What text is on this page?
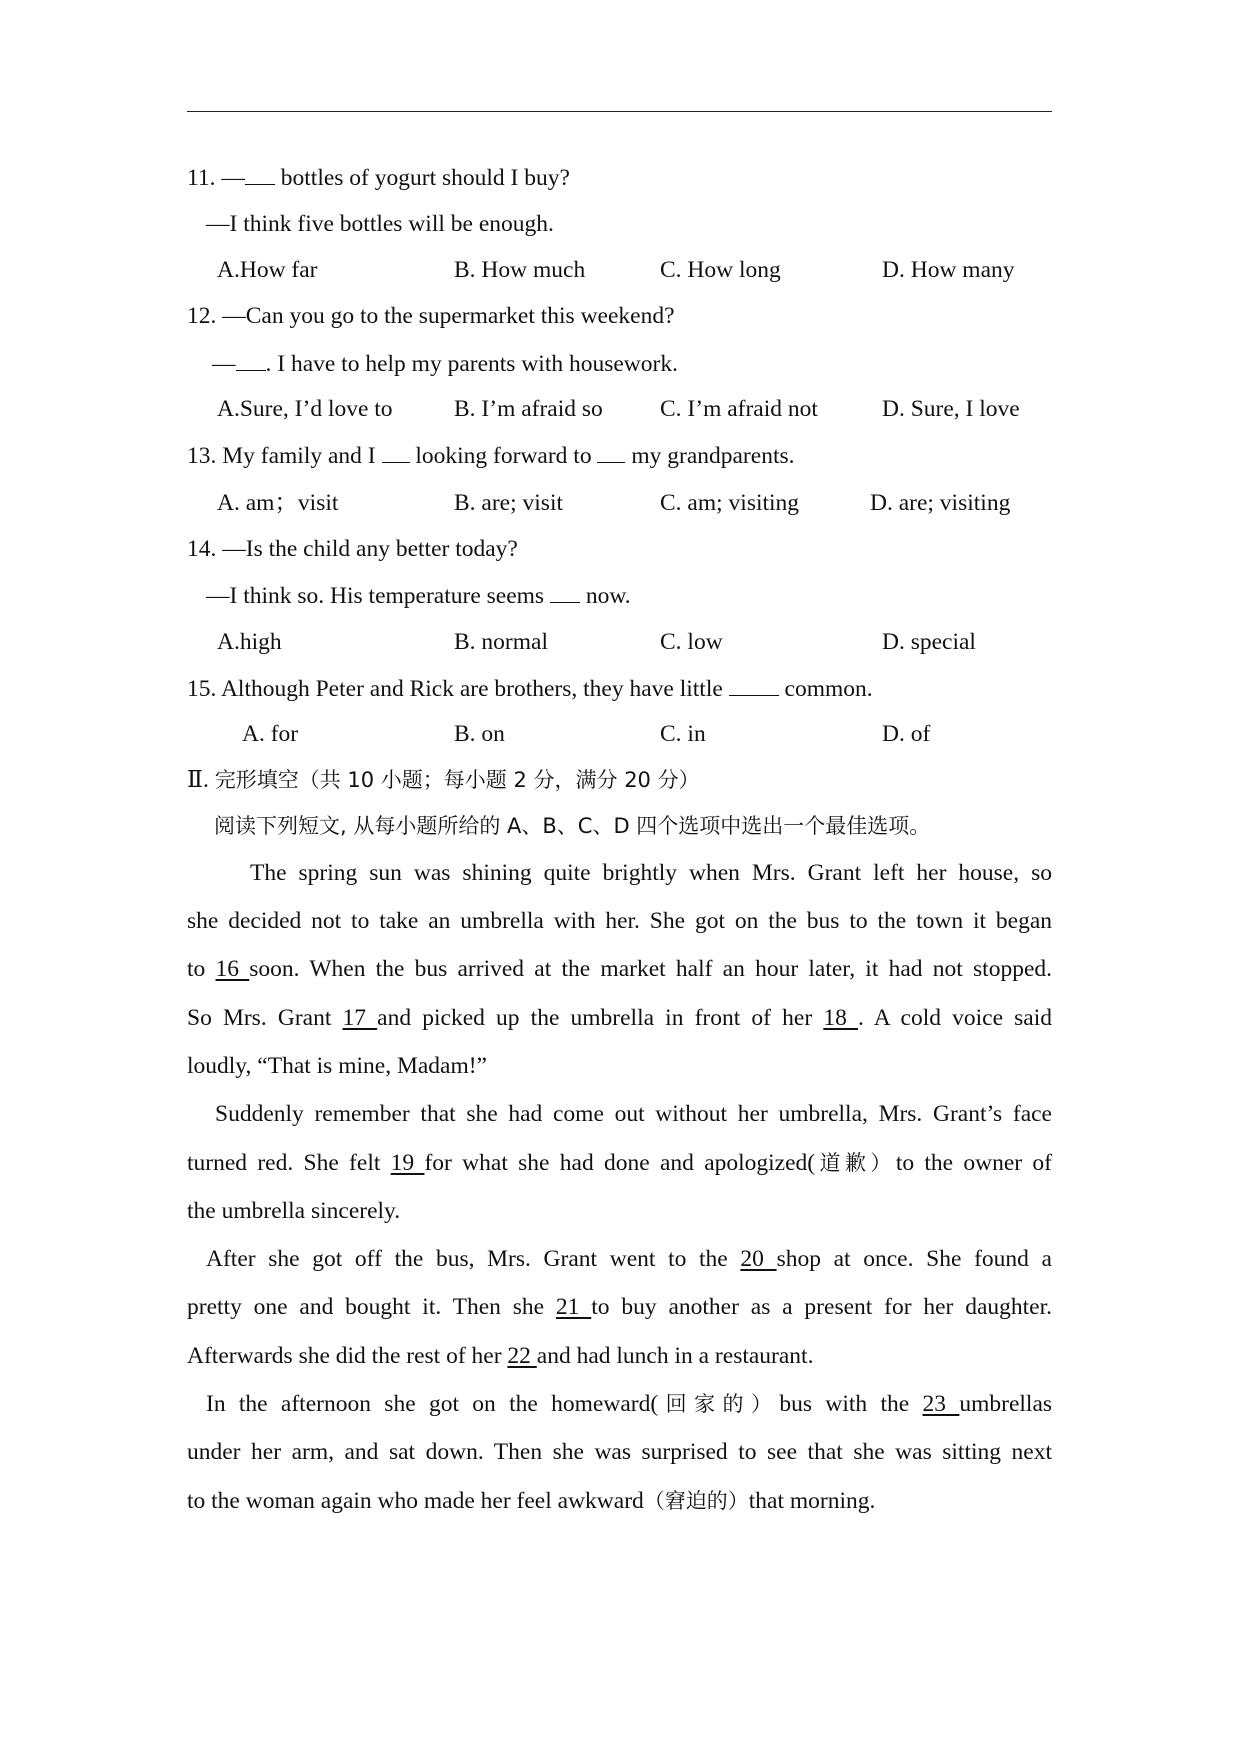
11. — bottles of yogurt should I buy?
—I think five bottles will be enough.
A.How far	B. How much	C. How long	D. How many
12. —Can you go to the supermarket this weekend?
— . I have to help my parents with housework.
A.Sure, I’d love to	B. I’m afraid so C. I’m afraid not	D. Sure, I love
13. My family and I  looking forward to  my grandparents.
A. am；visit	B. are; visit	C. am; visiting	D. are; visiting
14. —Is the child any better today?
—I think so. His temperature seems  now.
A.high	B. normal	C. low	D. special
15. Although Peter and Rick are brothers, they have little  common.
A. for	B. on	C. in	D. of
Ⅱ. 完形填空（共 10 小题；每小题 2 分，满分 20 分）
阅读下列短文, 从每小题所给的 A、B、C、D 四个选项中选出一个最佳选项。
The spring sun was shining quite brightly when Mrs. Grant left her house, so
she decided not to take an umbrella with her. She got on the bus to the town it began
to 16 soon. When the bus arrived at the market half an hour later, it had not stopped.
So Mrs. Grant 17 and picked up the umbrella in front of her 18 . A cold voice said
loudly, “That is mine, Madam!”
Suddenly remember that she had come out without her umbrella, Mrs. Grant’s face
turned red. She felt 19 for what she had done and apologized(道歉）to the owner of
the umbrella sincerely.
After she got off the bus, Mrs. Grant went to the 20 shop at once. She found a
pretty one and bought it. Then she 21 to buy another as a present for her daughter.
Afterwards she did the rest of her 22 and had lunch in a restaurant.
In the afternoon she got on the homeward(回家的）bus with the 23 umbrellas
under her arm, and sat down. Then she was surprised to see that she was sitting next
to the woman again who made her feel awkward（窘迫的）that morning.
